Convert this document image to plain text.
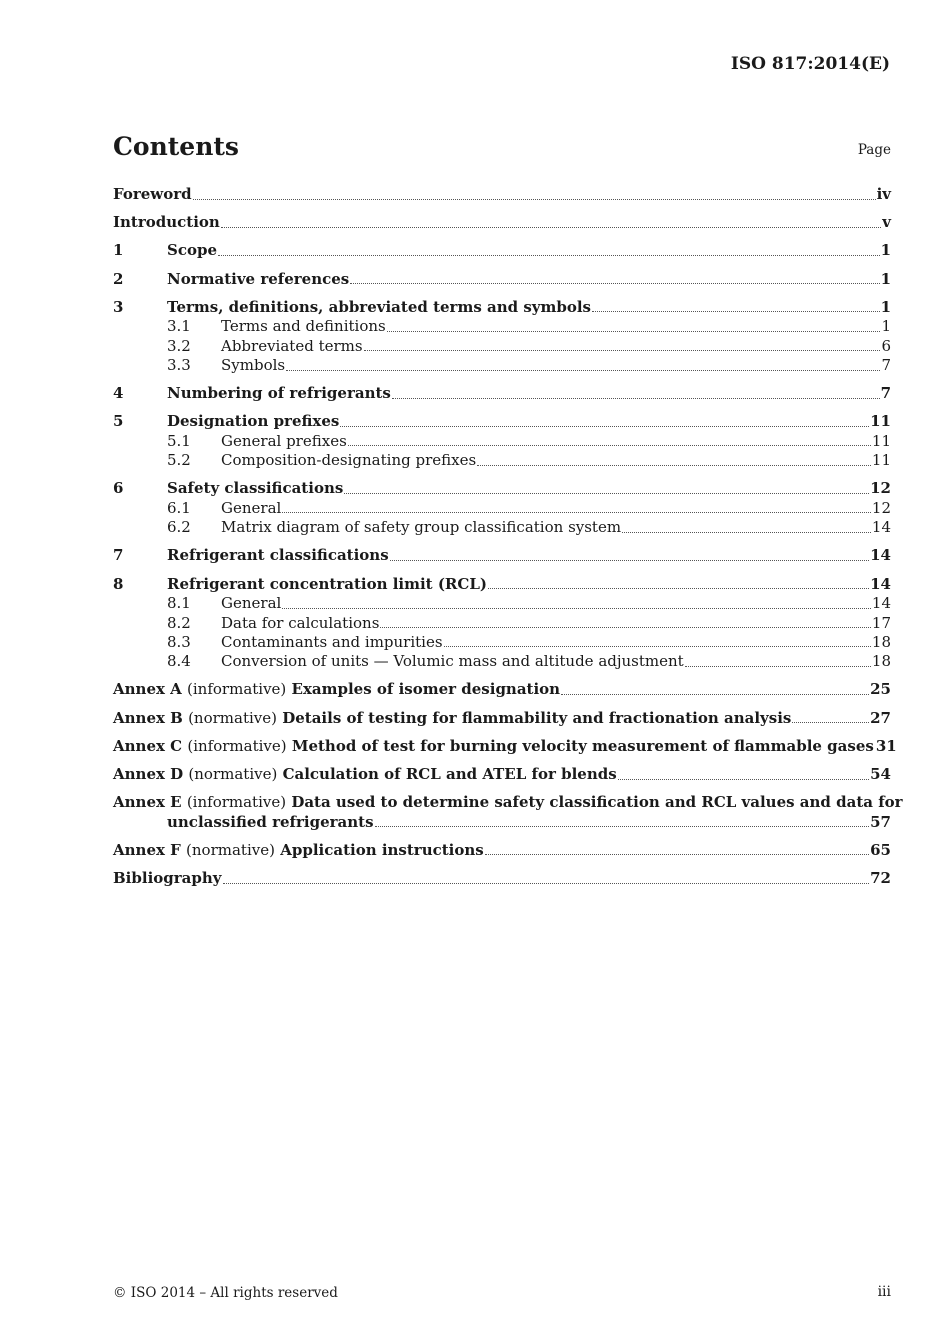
ISO 817:2014(E)
Contents	Page
Foreword	iv
Introduction	v
1	Scope	1
2	Normative references	1
3	Terms, definitions, abbreviated terms and symbols	1
3.1	Terms and definitions	1
3.2	Abbreviated terms	6
3.3	Symbols	7
4	Numbering of refrigerants	7
5	Designation prefixes	11
5.1	General prefixes	11
5.2	Composition-designating prefixes	11
6	Safety classifications	12
6.1	General	12
6.2	Matrix diagram of safety group classification system	14
7	Refrigerant classifications	14
8	Refrigerant concentration limit (RCL)	14
8.1	General	14
8.2	Data for calculations	17
8.3	Contaminants and impurities	18
8.4	Conversion of units — Volumic mass and altitude adjustment	18
Annex A (informative) Examples of isomer designation	25
Annex B (normative) Details of testing for flammability and fractionation analysis	27
Annex C (informative) Method of test for burning velocity measurement of flammable gases 31
Annex D (normative) Calculation of RCL and ATEL for blends	54
Annex E (informative) Data used to determine safety classification and RCL values and data for
unclassified refrigerants	57
Annex F (normative) Application instructions	65
Bibliography	72
© ISO 2014 – All rights reserved	iii
